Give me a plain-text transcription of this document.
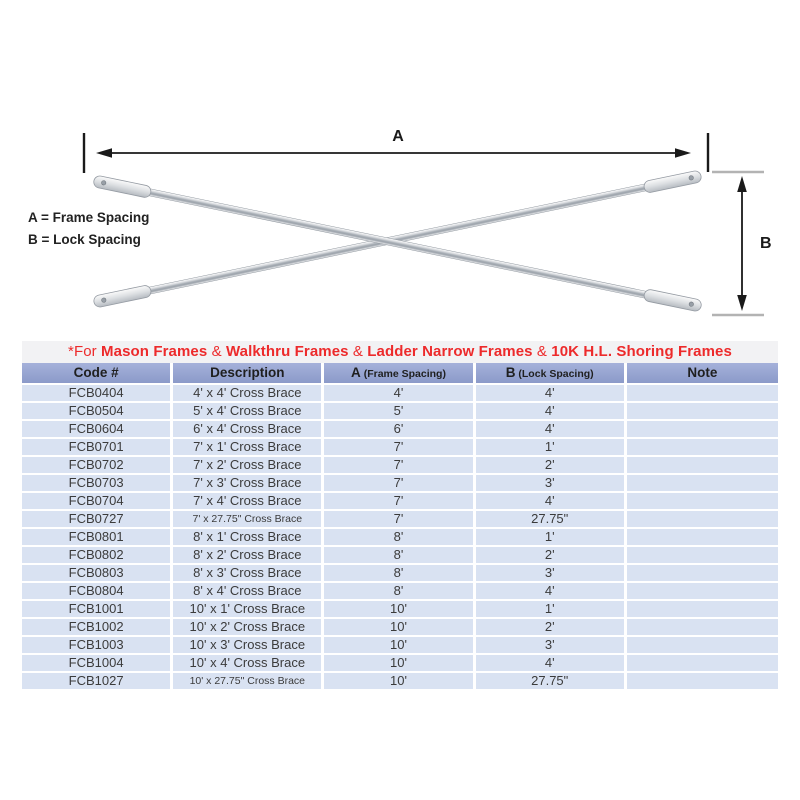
A
B
A = Frame Spacing
B = Lock Spacing
*For Mason Frames & Walkthru Frames & Ladder Narrow Frames & 10K H.L. Shoring Frames
Code #	Description	A (Frame Spacing)	B (Lock Spacing)	Note
FCB0404	4' x 4' Cross Brace	4'	4'
FCB0504	5' x 4' Cross Brace	5'	4'
FCB0604	6' x 4' Cross Brace	6'	4'
FCB0701	7' x 1' Cross Brace	7'	1'
FCB0702	7' x 2' Cross Brace	7'	2'
FCB0703	7' x 3' Cross Brace	7'	3'
FCB0704	7' x 4' Cross Brace	7'	4'
FCB0727	7' x 27.75" Cross Brace	7'	27.75"
FCB0801	8' x 1' Cross Brace	8'	1'
FCB0802	8' x 2' Cross Brace	8'	2'
FCB0803	8' x 3' Cross Brace	8'	3'
FCB0804	8' x 4' Cross Brace	8'	4'
FCB1001	10' x 1' Cross Brace	10'	1'
FCB1002	10' x 2' Cross Brace	10'	2'
FCB1003	10' x 3' Cross Brace	10'	3'
FCB1004	10' x 4' Cross Brace	10'	4'
FCB1027	10' x 27.75" Cross Brace	10'	27.75"
